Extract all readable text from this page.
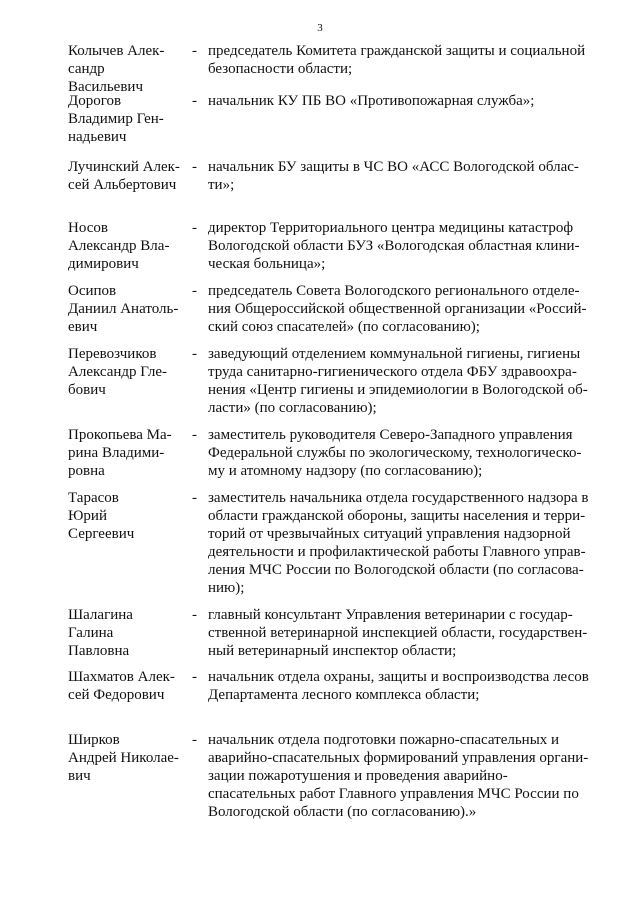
3
Колычев Алек-
сандр Васильевич
- председатель Комитета гражданской защиты и социальной
безопасности области;
Дорогов
Владимир Ген-
надьевич
- начальник КУ ПБ ВО «Противопожарная служба»;
Лучинский Алек-
сей Альбертович
- начальник БУ защиты в ЧС ВО «АСС Вологодской облас-
ти»;
Носов
Александр Вла-
димирович
- директор Территориального центра медицины катастроф
Вологодской области БУЗ «Вологодская областная клини-
ческая больница»;
Осипов
Даниил Анатоль-
евич
- председатель Совета Вологодского регионального отделе-
ния Общероссийской общественной организации «Россий-
ский союз спасателей» (по согласованию);
Перевозчиков
Александр Гле-
бович
- заведующий отделением коммунальной гигиены, гигиены
труда санитарно-гигиенического отдела ФБУ здравоохра-
нения «Центр гигиены и эпидемиологии в Вологодской об-
ласти» (по согласованию);
Прокопьева Ма-
рина Владими-
ровна
- заместитель руководителя Северо-Западного управления
Федеральной службы по экологическому, технологическо-
му и атомному надзору (по согласованию);
Тарасов
Юрий
Сергеевич
- заместитель начальника отдела государственного надзора в
области гражданской обороны, защиты населения и терри-
торий от чрезвычайных ситуаций управления надзорной
деятельности и профилактической работы Главного управ-
ления МЧС России по Вологодской области (по согласова-
нию);
Шалагина
Галина
Павловна
- главный консультант Управления ветеринарии с государ-
ственной ветеринарной инспекцией области, государствен-
ный ветеринарный инспектор области;
Шахматов Алек-
сей Федорович
- начальник отдела охраны, защиты и воспроизводства лесов
Департамента лесного комплекса области;
Ширков
Андрей Николае-
вич
- начальник отдела подготовки пожарно-спасательных и
аварийно-спасательных формирований управления органи-
зации пожаротушения и проведения аварийно-
спасательных работ Главного управления МЧС России по
Вологодской области (по согласованию).»
